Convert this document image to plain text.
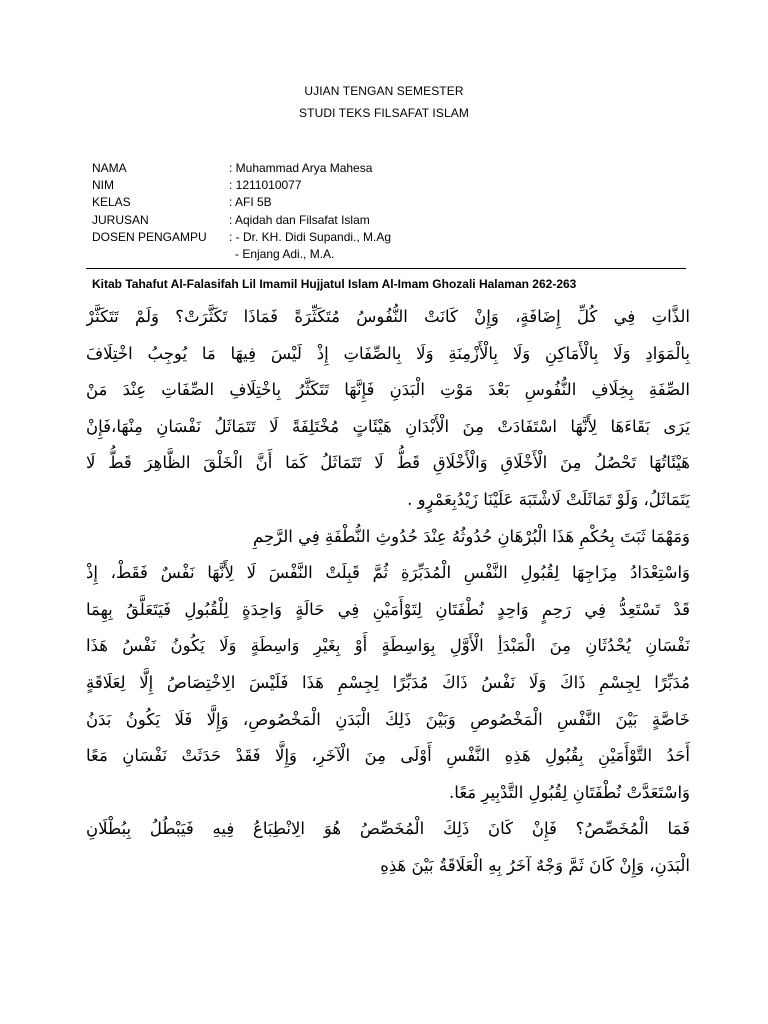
UJIAN TENGAN SEMESTER
STUDI TEKS FILSAFAT ISLAM
NAMA	: Muhammad Arya Mahesa
NIM	: 1211010077
KELAS	: AFI 5B
JURUSAN	: Aqidah dan Filsafat Islam
DOSEN PENGAMPU : - Dr. KH. Didi Supandi., M.Ag
- Enjang Adi., M.A.
Kitab Tahafut Al-Falasifah Lil Imamil Hujjatul Islam Al-Imam Ghozali Halaman 262-263
الذَّاتِ فِي كُلِّ إِضَافَةٍ، وَإِنْ كَانَتْ النُّفُوسُ مُتَكَثِّرَةً فَمَاذَا تَكَثَّرَتْ؟ وَلَمْ تَتَكَثَّرْ
بِالْمَوَادِ وَلَا بِالْأَمَاكِنِ وَلَا بِالْأَزْمِنَةِ وَلَا بِالصِّفَاتِ إِذْ لَيْسَ فِيهَا مَا يُوجِبُ اخْتِلَافَ
الصِّفَةِ بِخِلَافِ النُّفُوسِ بَعْدَ مَوْتِ الْبَدَنِ فَإِنَّهَا تَتَكَثَّرُ بِاخْتِلَافِ الصِّفَاتِ عِنْدَ مَنْ
يَرَى بَقَاءَهَا لِأَنَّهَا اسْتَفَادَتْ مِنَ الْأَبْدَانِ هَيْئَاتٍ مُخْتَلِفَةً لَا تَتَمَاثَلُ نَفْسَانِ مِنْهَا،فَإِنْ
هَيْئَاتُهَا تَحْصُلُ مِنَ الْأَخْلَاقِ وَالْأَخْلَاقِ قَطُّ لَا تَتَمَاثَلُ كَمَا أَنَّ الْخَلْقَ الظَّاهِرَ قَطُّ لَا
يَتَمَاثَلُ، وَلَوْ تَمَاثَلَتْ لَاشْتَبَهَ عَلَيْنَا زَيْدُبِعَمْرٍو .
وَمَهْمَا ثَبَتَ بِحُكْمِ هَذَا الْبُرْهَانِ حُدُوثُهُ عِنْدَ حُدُوثِ النُّطْفَةِ فِي الرَّحِمِ
وَاسْتِعْدَادُ مِزَاجِهَا لِقُبُولِ النَّفْسِ الْمُدَبِّرَةِ ثُمَّ قَبِلَتْ النَّفْسَ لَا لِأَنَّهَا نَفْسٌ فَقَطْ، إِذْ
قَدْ تَسْتَعِدُّ فِي رَحِمٍ وَاحِدٍ نُطْفَتَانِ لِتَوْأَمَيْنِ فِي حَالَةٍ وَاحِدَةٍ لِلْقُبُولِ فَيَتَعَلَّقُ بِهِمَا
نَفْسَانِ يُحْدُثَانِ مِنَ الْمَبْدَأِ الْأَوَّلِ بِوَاسِطَةٍ أَوْ بِغَيْرِ وَاسِطَةٍ وَلَا يَكُونُ نَفْسُ هَذَا
مُدَبِّرًا لِجِسْمِ ذَاكَ وَلَا نَفْسُ ذَاكَ مُدَبِّرًا لِجِسْمِ هَذَا فَلَيْسَ الِاخْتِصَاصُ إِلَّا لِعَلَاقَةٍ
خَاصَّةٍ بَيْنَ النَّفْسِ الْمَخْصُوصِ وَبَيْنَ ذَلِكَ الْبَدَنِ الْمَخْصُوصِ، وَإِلَّا فَلَا يَكُونُ بَدَنُ
أَحَدُ التَّوْأَمَيْنِ بِقُبُولِ هَذِهِ النَّفْسِ أَوْلَى مِنَ الْآخَرِ، وَإِلَّا فَقَدْ حَدَثَتْ نَفْسَانِ مَعًا
وَاسْتَعَدَّتْ نُطْفَتَانِ لِقُبُولِ التَّدْبِيرِ مَعًا.
فَمَا الْمُخَصِّصُ؟ فَإِنْ كَانَ ذَلِكَ الْمُخَصِّصُ هُوَ الِانْطِبَاعُ فِيهِ فَيَبْطُلُ بِبُطْلَانِ
الْبَدَنِ، وَإِنْ كَانَ ثَمَّ وَجْهٌ آخَرُ بِهِ الْعَلَاقَةُ بَيْنَ هَذِهِ
